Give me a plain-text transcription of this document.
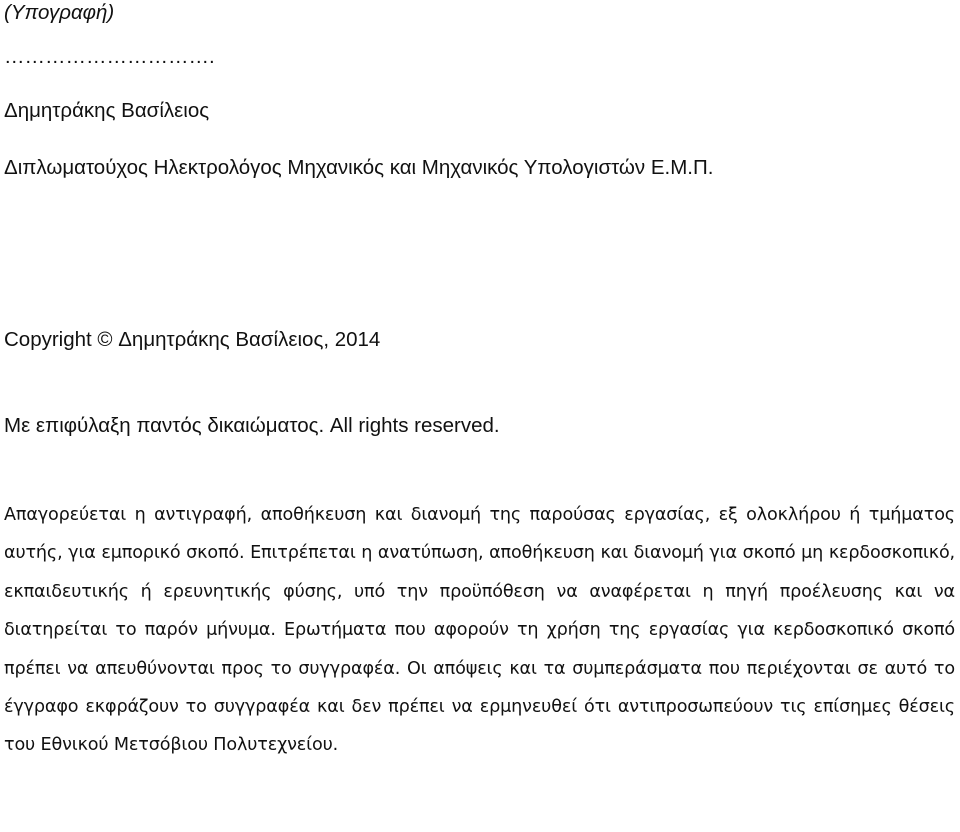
(Υπογραφή)

………………………….

Δημητράκης Βασίλειος

Διπλωματούχος Ηλεκτρολόγος Μηχανικός και Μηχανικός Υπολογιστών Ε.Μ.Π.

Copyright © Δημητράκης Βασίλειος, 2014

Με επιφύλαξη παντός δικαιώματος. All rights reserved.

Απαγορεύεται η αντιγραφή, αποθήκευση και διανομή της παρούσας εργασίας, εξ ολοκλήρου ή τμήματος αυτής, για εμπορικό σκοπό. Επιτρέπεται η ανατύπωση, αποθήκευση και διανομή για σκοπό μη κερδοσκοπικό, εκπαιδευτικής ή ερευνητικής φύσης, υπό την προϋπόθεση να αναφέρεται η πηγή προέλευσης και να διατηρείται το παρόν μήνυμα. Ερωτήματα που αφορούν τη χρήση της εργασίας για κερδοσκοπικό σκοπό πρέπει να απευθύνονται προς το συγγραφέα. Οι απόψεις και τα συμπεράσματα που περιέχονται σε αυτό το έγγραφο εκφράζουν το συγγραφέα και δεν πρέπει να ερμηνευθεί ότι αντιπροσωπεύουν τις επίσημες θέσεις του Εθνικού Μετσόβιου Πολυτεχνείου.
